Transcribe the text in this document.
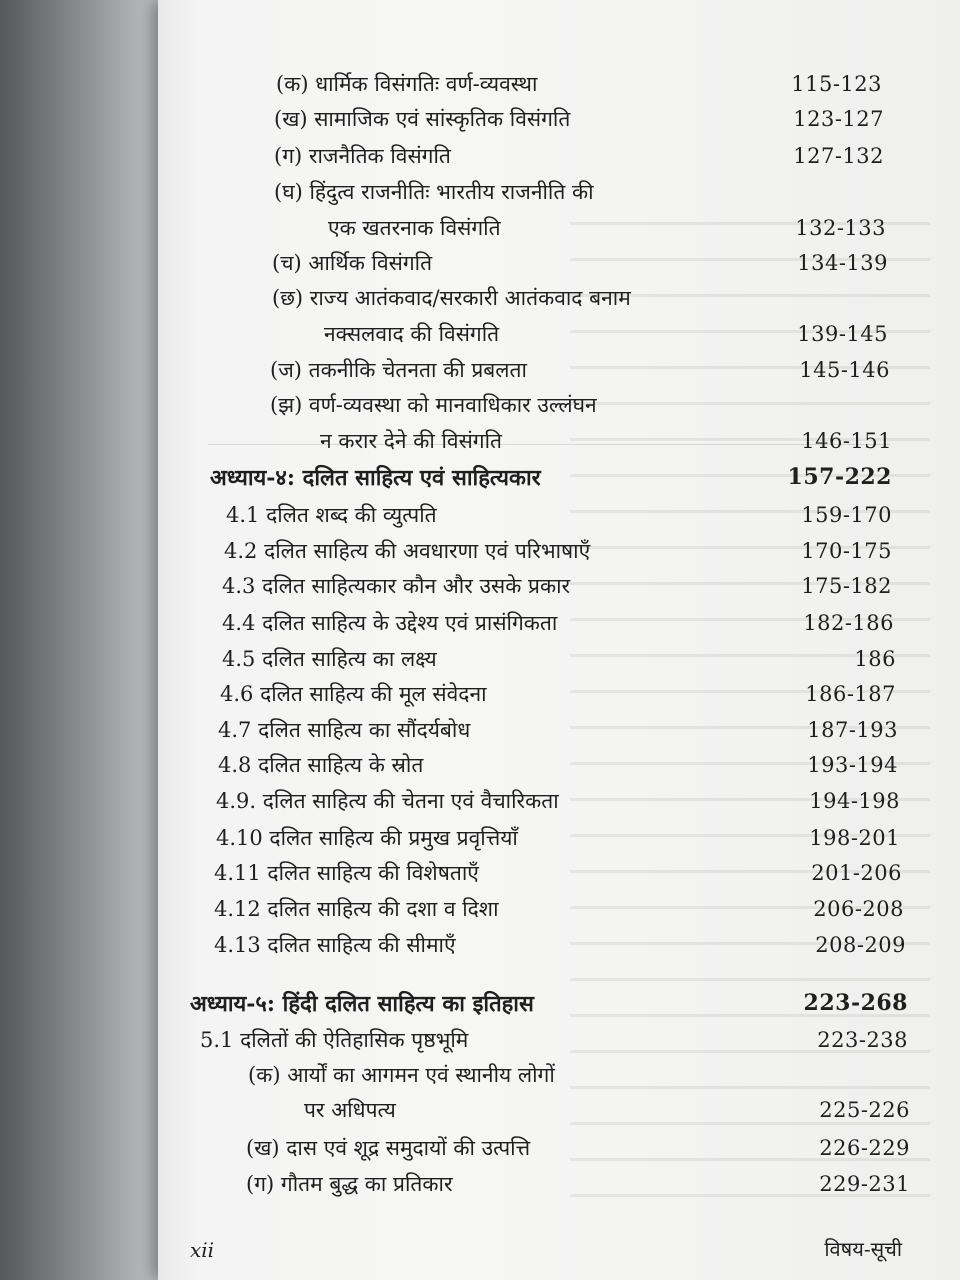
(क) धार्मिक विसंगतिः वर्ण-व्यवस्था	115-123
(ख) सामाजिक एवं सांस्कृतिक विसंगति	123-127
(ग) राजनैतिक विसंगति	127-132
(घ) हिंदुत्व राजनीतिः भारतीय राजनीति की
एक खतरनाक विसंगति	132-133
(च) आर्थिक विसंगति	134-139
(छ) राज्य आतंकवाद/सरकारी आतंकवाद बनाम
नक्सलवाद की विसंगति	139-145
(ज) तकनीकि चेतनता की प्रबलता	145-146
(झ) वर्ण-व्यवस्था को मानवाधिकार उल्लंघन
न करार देने की विसंगति	146-151
अध्याय-४: दलित साहित्य एवं साहित्यकार	157-222
4.1 दलित शब्द की व्युत्पति	159-170
4.2 दलित साहित्य की अवधारणा एवं परिभाषाएँ	170-175
4.3 दलित साहित्यकार कौन और उसके प्रकार	175-182
4.4 दलित साहित्य के उद्देश्य एवं प्रासंगिकता	182-186
4.5 दलित साहित्य का लक्ष्य	186
4.6 दलित साहित्य की मूल संवेदना	186-187
4.7 दलित साहित्य का सौंदर्यबोध	187-193
4.8 दलित साहित्य के स्रोत	193-194
4.9. दलित साहित्य की चेतना एवं वैचारिकता	194-198
4.10 दलित साहित्य की प्रमुख प्रवृत्तियाँ	198-201
4.11 दलित साहित्य की विशेषताएँ	201-206
4.12 दलित साहित्य की दशा व दिशा	206-208
4.13 दलित साहित्य की सीमाएँ	208-209
अध्याय-५: हिंदी दलित साहित्य का इतिहास	223-268
5.1 दलितों की ऐतिहासिक पृष्ठभूमि	223-238
(क) आर्यों का आगमन एवं स्थानीय लोगों
पर अधिपत्य	225-226
(ख) दास एवं शूद्र समुदायों की उत्पत्ति	226-229
(ग) गौतम बुद्ध का प्रतिकार	229-231
xii	विषय-सूची
